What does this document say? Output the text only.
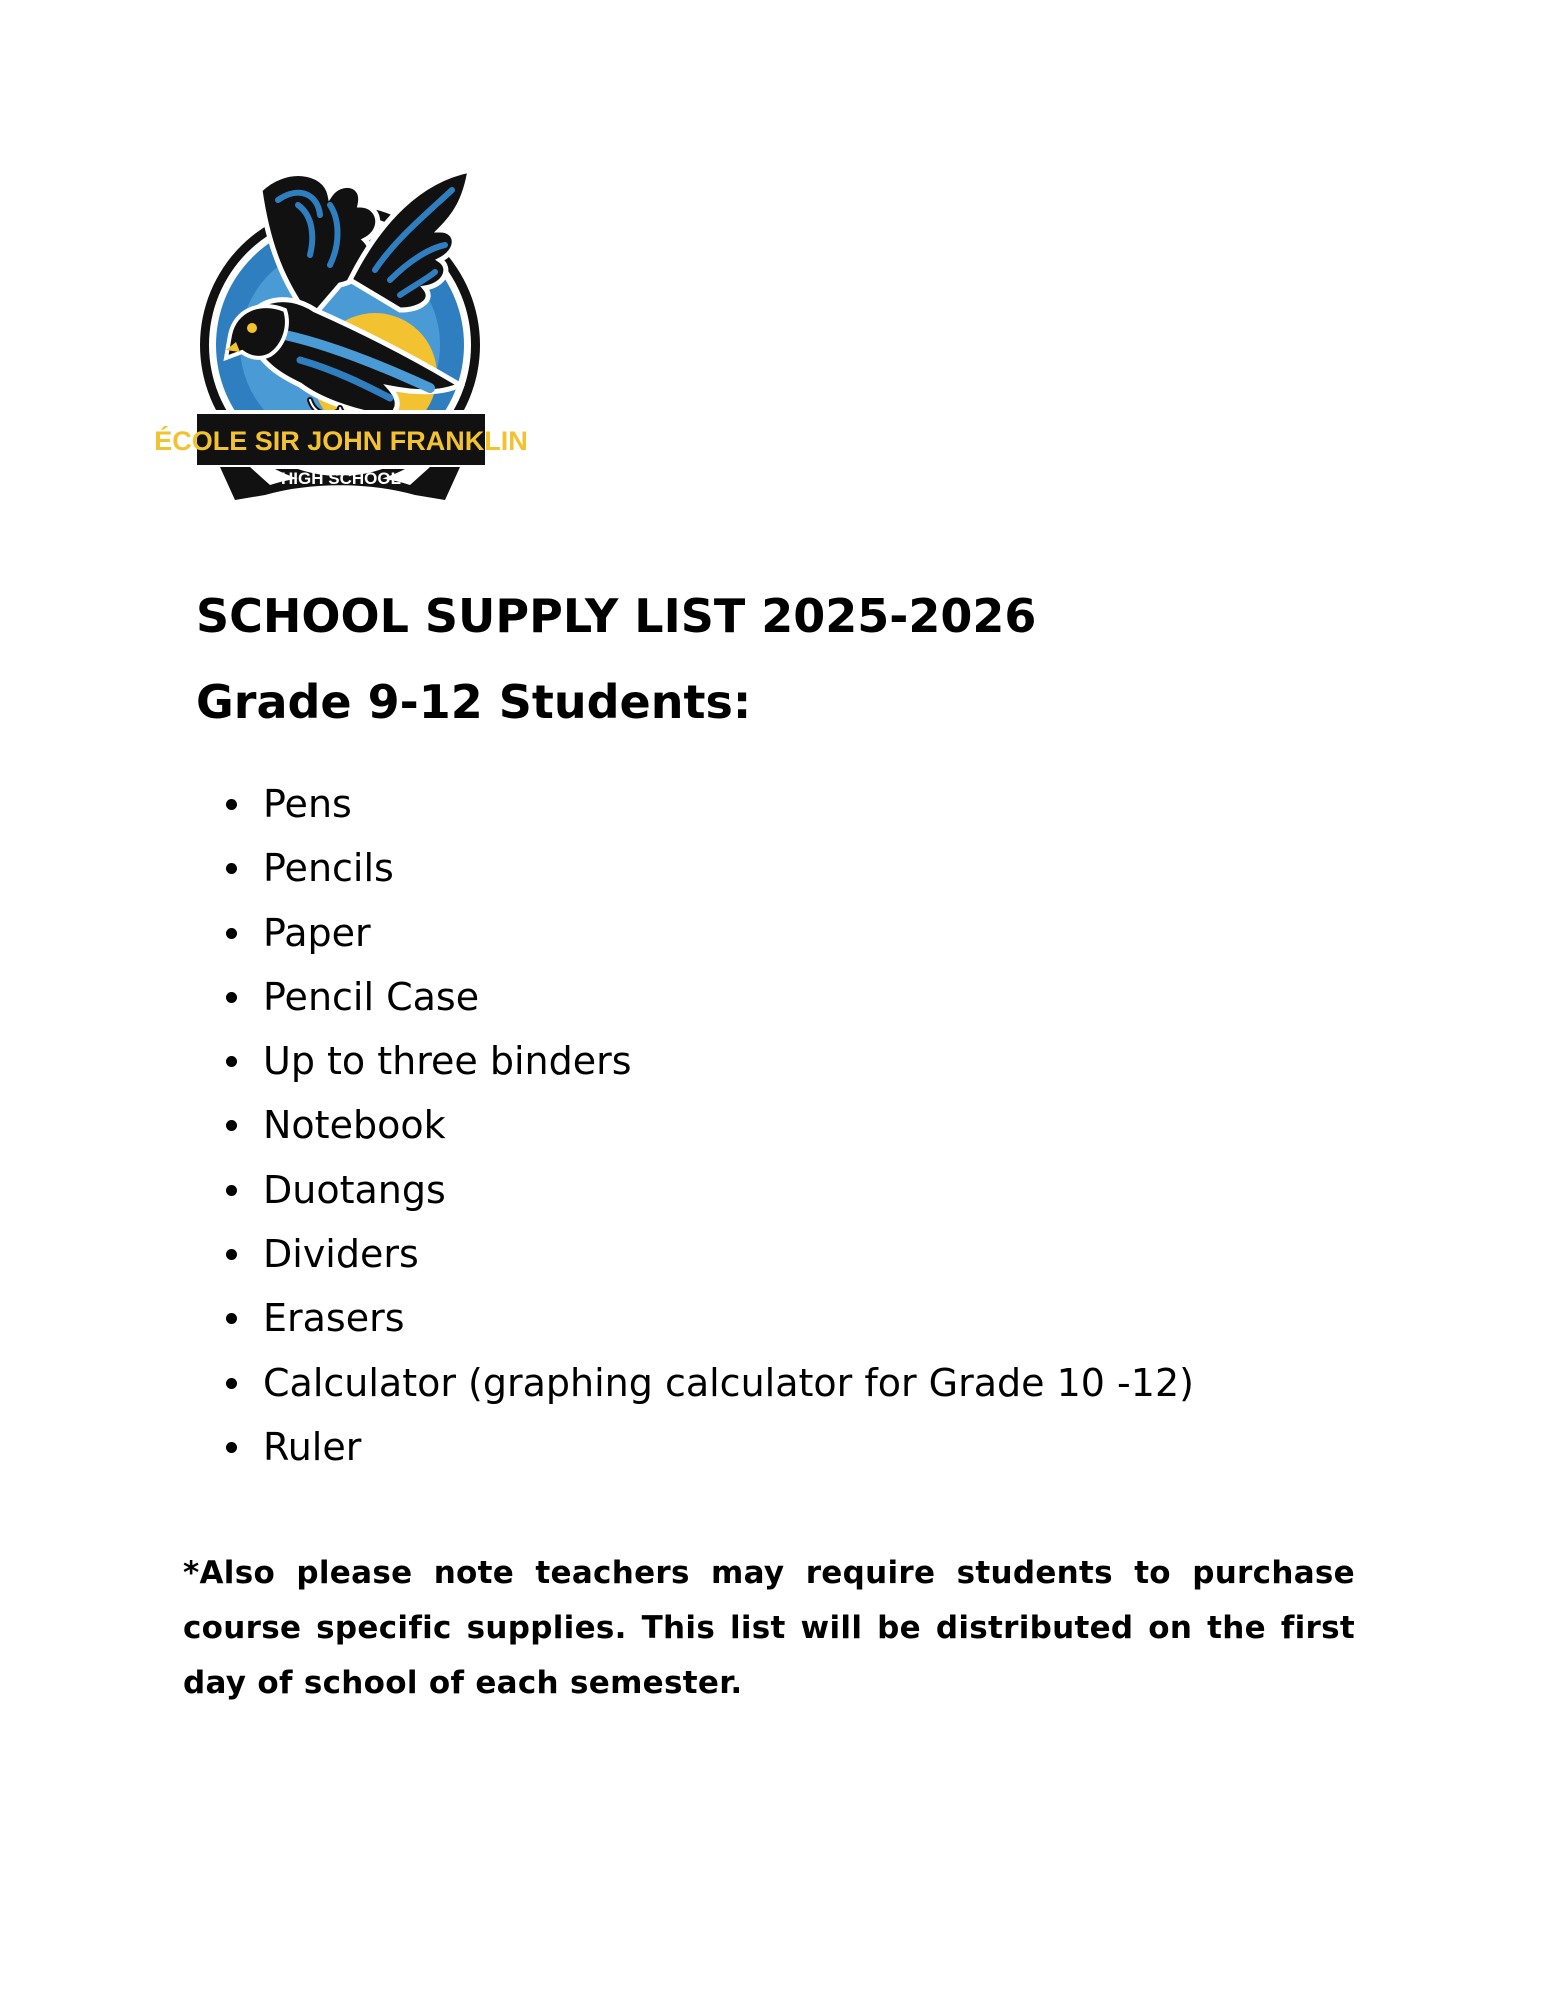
ÉCOLE SIR JOHN FRANKLIN
HIGH SCHOOL
SCHOOL SUPPLY LIST 2025-2026
Grade 9-12 Students:
Pens
Pencils
Paper
Pencil Case
Up to three binders
Notebook
Duotangs
Dividers
Erasers
Calculator (graphing calculator for Grade 10 -12)
Ruler

*Also please note teachers may require students to purchase course specific supplies. This list will be distributed on the first day of school of each semester.
